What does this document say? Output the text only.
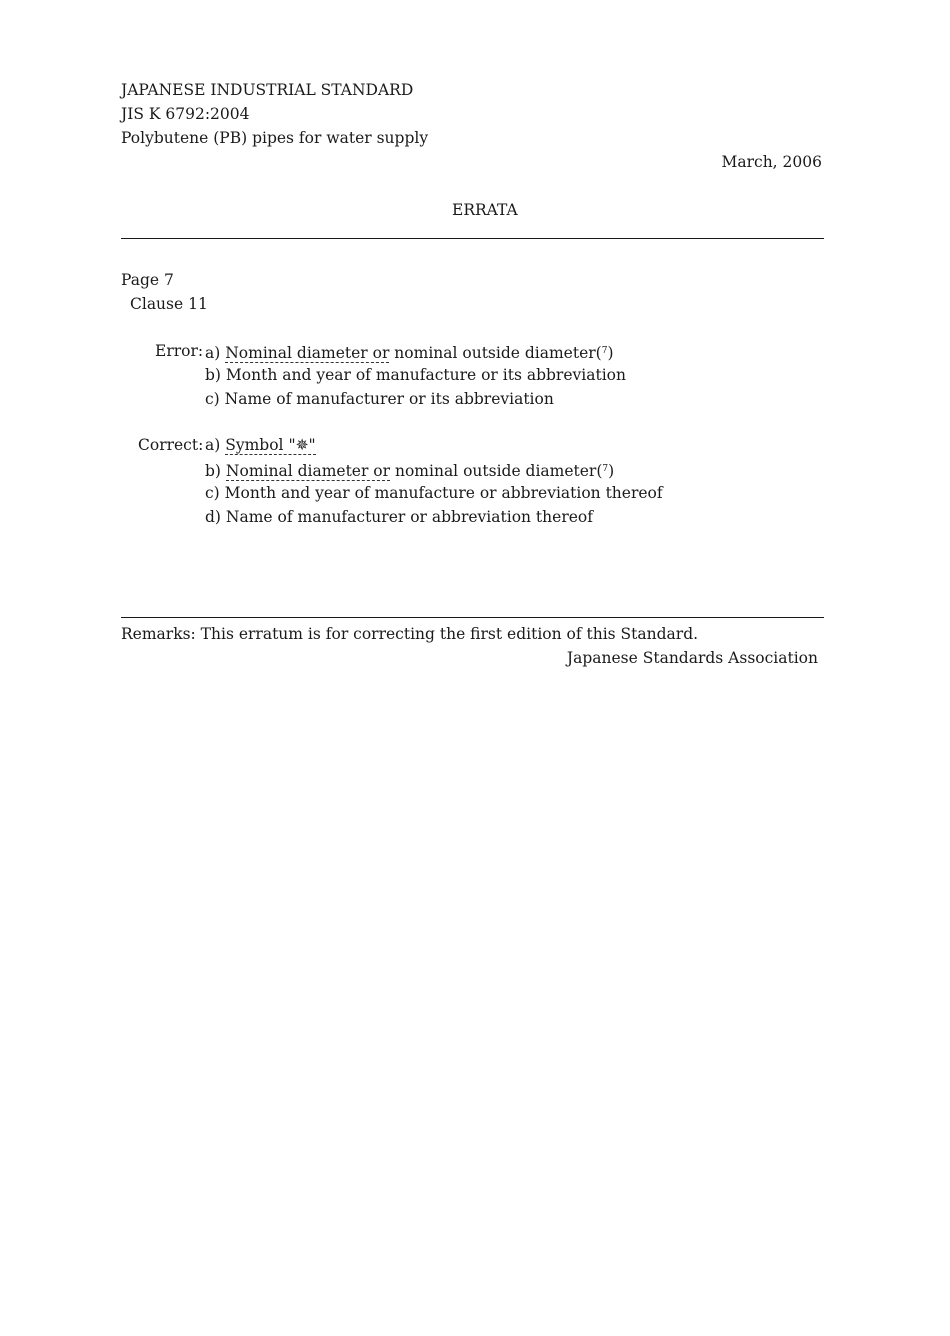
JAPANESE INDUSTRIAL STANDARD
JIS K 6792:2004
Polybutene (PB) pipes for water supply
March, 2006
ERRATA
Page 7
Clause 11
Error: a) Nominal diameter or nominal outside diameter($^7$)
b) Month and year of manufacture or its abbreviation
c) Name of manufacturer or its abbreviation
Correct: a) Symbol "✵"
b) Nominal diameter or nominal outside diameter($^7$)
c) Month and year of manufacture or abbreviation thereof
d) Name of manufacturer or abbreviation thereof
Remarks: This erratum is for correcting the first edition of this Standard.
Japanese Standards Association
